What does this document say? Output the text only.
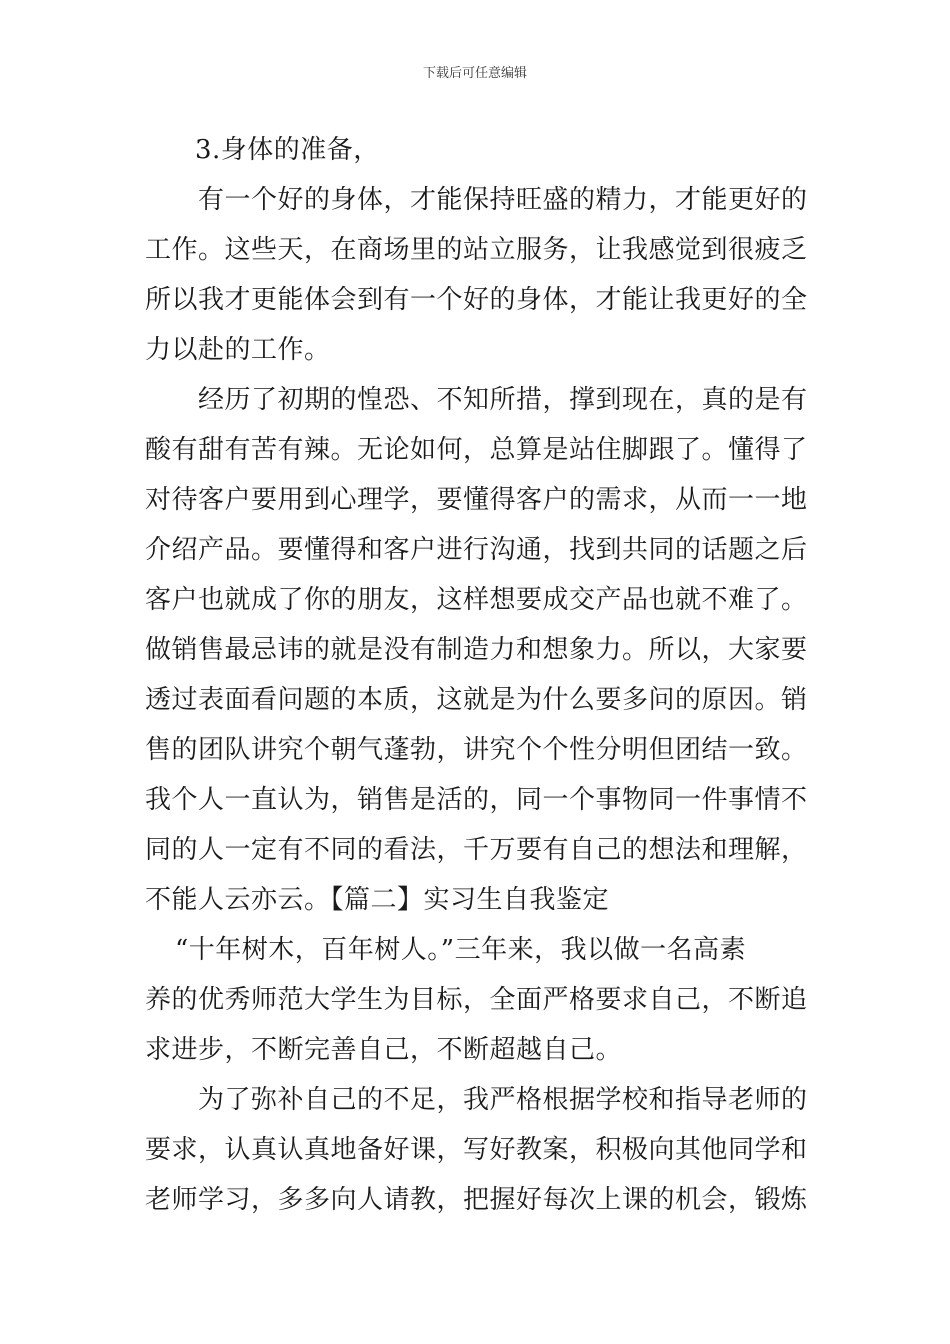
下载后可任意编辑
3.身体的准备，
有一个好的身体，才能保持旺盛的精力，才能更好的
工作。这些天，在商场里的站立服务，让我感觉到很疲乏
所以我才更能体会到有一个好的身体，才能让我更好的全
力以赴的工作。
经历了初期的惶恐、不知所措，撑到现在，真的是有
酸有甜有苦有辣。无论如何，总算是站住脚跟了。懂得了
对待客户要用到心理学，要懂得客户的需求，从而一一地
介绍产品。要懂得和客户进行沟通，找到共同的话题之后
客户也就成了你的朋友，这样想要成交产品也就不难了。
做销售最忌讳的就是没有制造力和想象力。所以，大家要
透过表面看问题的本质，这就是为什么要多问的原因。销
售的团队讲究个朝气蓬勃，讲究个个性分明但团结一致。
我个人一直认为，销售是活的，同一个事物同一件事情不
同的人一定有不同的看法，千万要有自己的想法和理解，
不能人云亦云。【篇二】实习生自我鉴定
“十年树木，百年树人。”三年来，我以做一名高素
养的优秀师范大学生为目标，全面严格要求自己，不断追
求进步，不断完善自己，不断超越自己。
为了弥补自己的不足，我严格根据学校和指导老师的
要求，认真认真地备好课，写好教案，积极向其他同学和
老师学习，多多向人请教，把握好每次上课的机会，锻炼
